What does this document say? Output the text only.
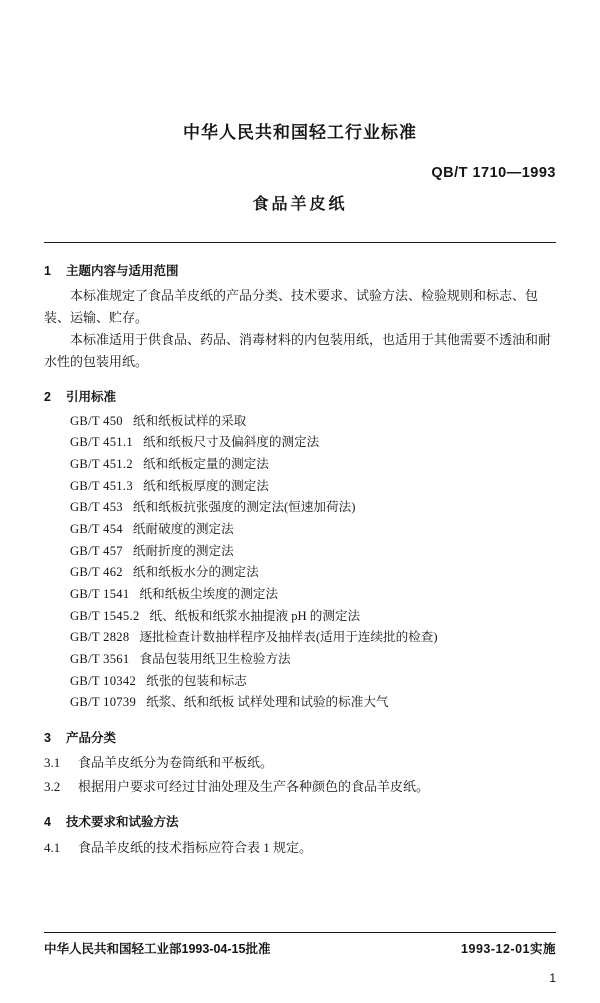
中华人民共和国轻工行业标准
QB/T 1710—1993
食品羊皮纸
1	主题内容与适用范围

本标准规定了食品羊皮纸的产品分类、技术要求、试验方法、检验规则和标志、包装、运输、贮存。

本标准适用于供食品、药品、消毒材料的内包装用纸，也适用于其他需要不透油和耐水性的包装用纸。

2	引用标准
GB/T 450 纸和纸板试样的采取
GB/T 451.1 纸和纸板尺寸及偏斜度的测定法
GB/T 451.2 纸和纸板定量的测定法
GB/T 451.3 纸和纸板厚度的测定法
GB/T 453 纸和纸板抗张强度的测定法(恒速加荷法)
GB/T 454 纸耐破度的测定法
GB/T 457 纸耐折度的测定法
GB/T 462 纸和纸板水分的测定法
GB/T 1541 纸和纸板尘埃度的测定法
GB/T 1545.2 纸、纸板和纸浆水抽提液 pH 的测定法
GB/T 2828 逐批检查计数抽样程序及抽样表(适用于连续批的检查)
GB/T 3561 食品包装用纸卫生检验方法
GB/T 10342 纸张的包装和标志
GB/T 10739 纸浆、纸和纸板 试样处理和试验的标准大气
3	产品分类
3.1	食品羊皮纸分为卷筒纸和平板纸。
3.2	根据用户要求可经过甘油处理及生产各种颜色的食品羊皮纸。
4	技术要求和试验方法
4.1	食品羊皮纸的技术指标应符合表 1 规定。
中华人民共和国轻工业部1993-04-15批准	1993-12-01实施
1
